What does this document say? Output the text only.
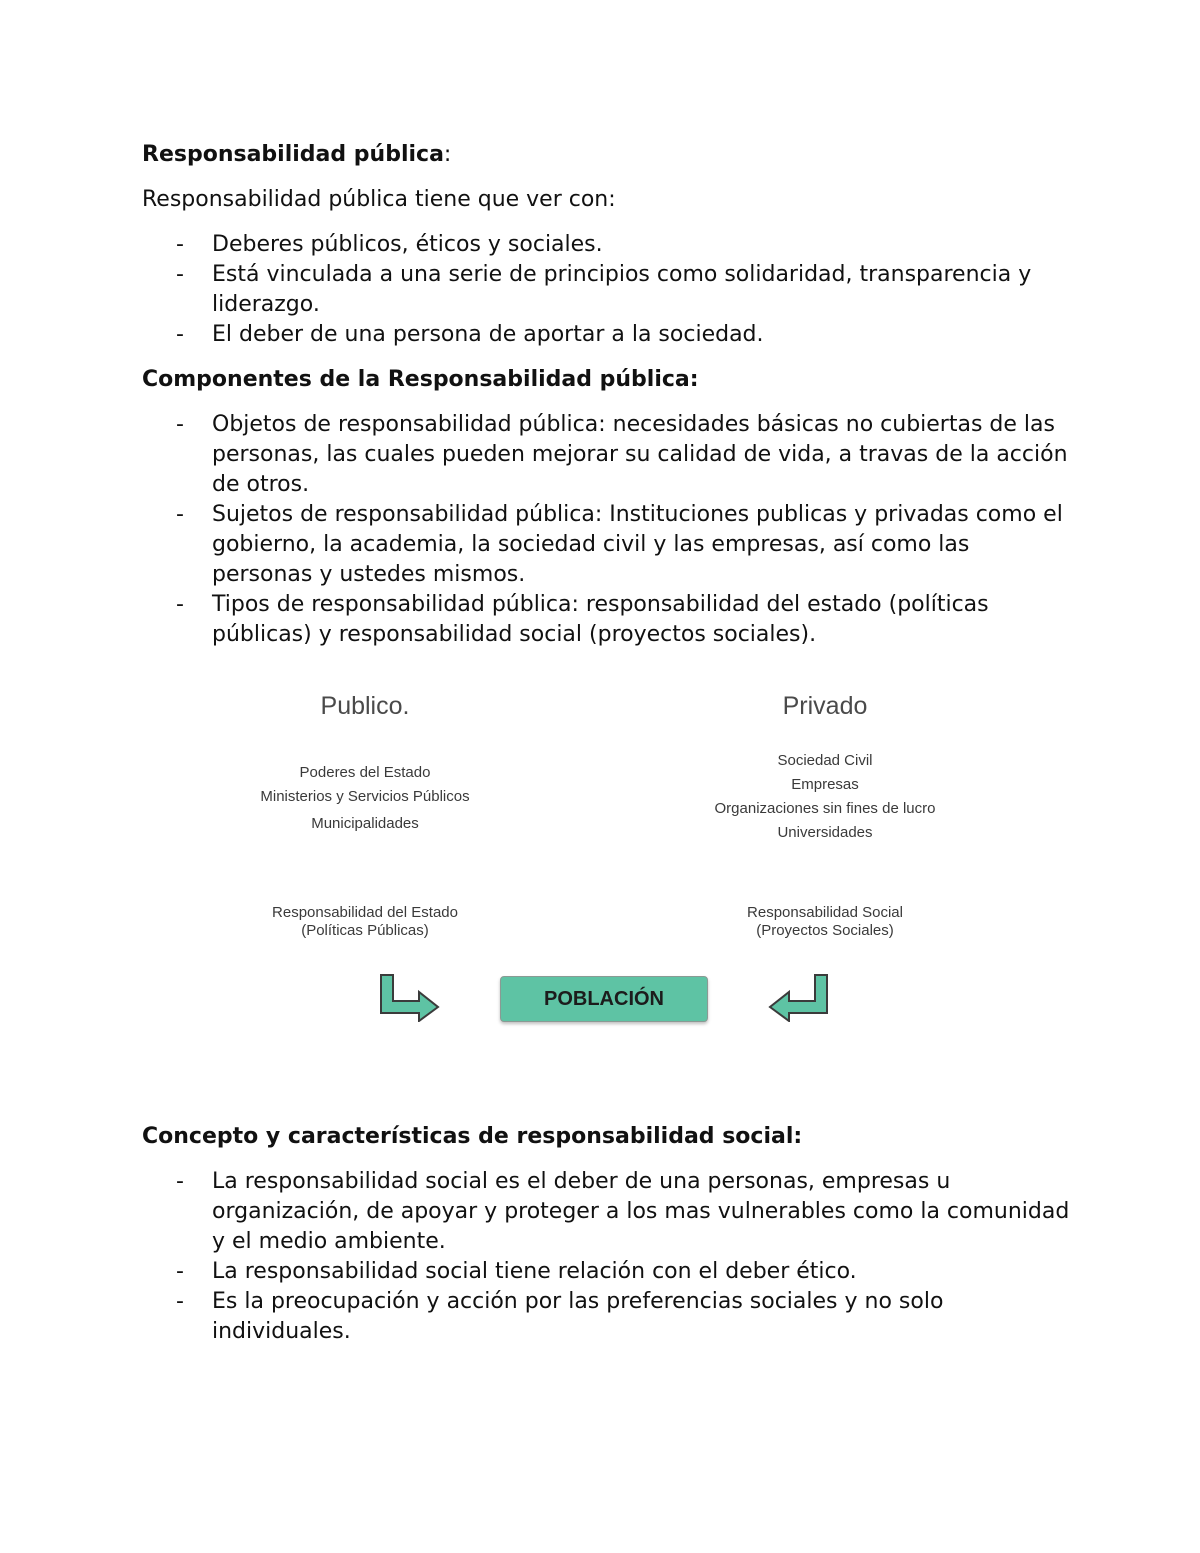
Responsabilidad pública:

Responsabilidad pública tiene que ver con:

- Deberes públicos, éticos y sociales.
- Está vinculada a una serie de principios como solidaridad, transparencia y liderazgo.
- El deber de una persona de aportar a la sociedad.

Componentes de la Responsabilidad pública:

- Objetos de responsabilidad pública: necesidades básicas no cubiertas de las personas, las cuales pueden mejorar su calidad de vida, a travas de la acción de otros.
- Sujetos de responsabilidad pública: Instituciones publicas y privadas como el gobierno, la academia, la sociedad civil y las empresas, así como las personas y ustedes mismos.
- Tipos de responsabilidad pública: responsabilidad del estado (políticas públicas) y responsabilidad social (proyectos sociales).
Publico.
Poderes del Estado
Ministerios y Servicios Públicos
Municipalidades
Privado
Sociedad Civil
Empresas
Organizaciones sin fines de lucro
Universidades
Responsabilidad del Estado
(Políticas Públicas)
Responsabilidad Social
(Proyectos Sociales)
POBLACIÓN

Concepto y características de responsabilidad social:

- La responsabilidad social es el deber de una personas, empresas u organización, de apoyar y proteger a los mas vulnerables como la comunidad y el medio ambiente.
- La responsabilidad social tiene relación con el deber ético.
- Es la preocupación y acción por las preferencias sociales y no solo individuales.
